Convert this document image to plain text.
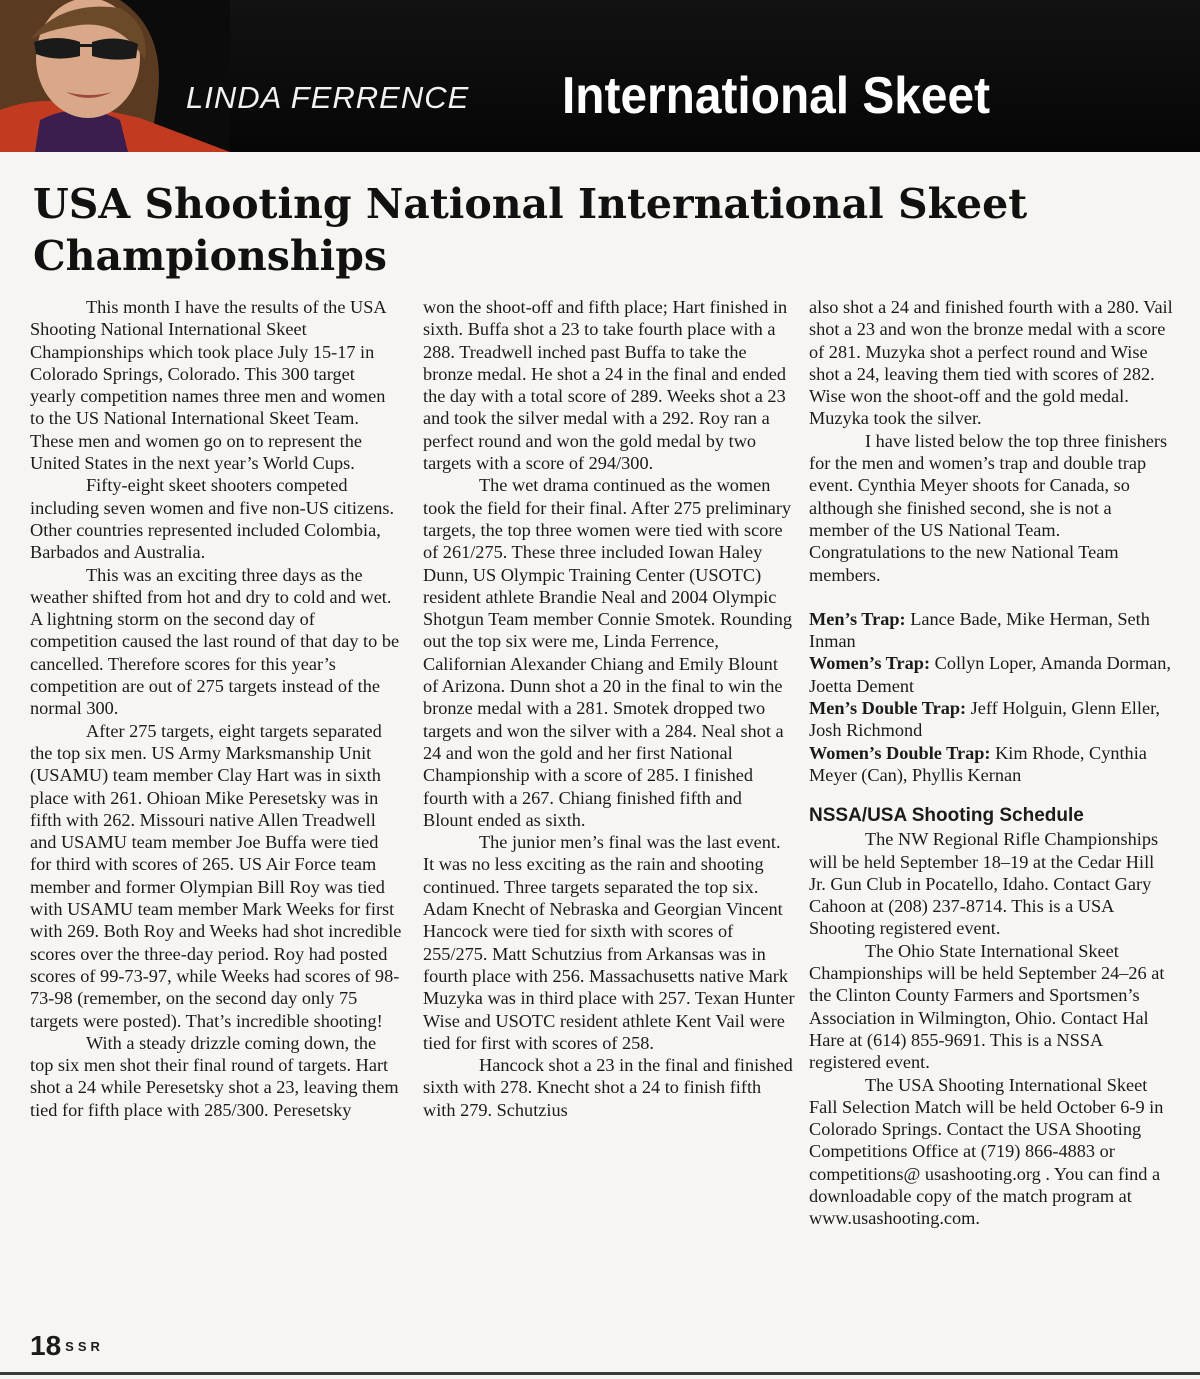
LINDA FERRENCE International Skeet
USA Shooting National International Skeet Championships

This month I have the results of the USA Shooting National International Skeet Championships which took place July 15-17 in Colorado Springs, Colorado. This 300 target yearly competition names three men and women to the US National International Skeet Team. These men and women go on to represent the United States in the next year’s World Cups.

Fifty-eight skeet shooters competed including seven women and five non-US citizens. Other countries represented included Colombia, Barbados and Australia.

This was an exciting three days as the weather shifted from hot and dry to cold and wet. A lightning storm on the second day of competition caused the last round of that day to be cancelled. Therefore scores for this year’s competition are out of 275 targets instead of the normal 300.

After 275 targets, eight targets separated the top six men. US Army Marksmanship Unit (USAMU) team member Clay Hart was in sixth place with 261. Ohioan Mike Peresetsky was in fifth with 262. Missouri native Allen Treadwell and USAMU team member Joe Buffa were tied for third with scores of 265. US Air Force team member and former Olympian Bill Roy was tied with USAMU team member Mark Weeks for first with 269. Both Roy and Weeks had shot incredible scores over the three-day period. Roy had posted scores of 99-73-97, while Weeks had scores of 98-73-98 (remember, on the second day only 75 targets were posted). That’s incredible shooting!

With a steady drizzle coming down, the top six men shot their final round of targets. Hart shot a 24 while Peresetsky shot a 23, leaving them tied for fifth place with 285/300. Peresetsky

won the shoot-off and fifth place; Hart finished in sixth. Buffa shot a 23 to take fourth place with a 288. Treadwell inched past Buffa to take the bronze medal. He shot a 24 in the final and ended the day with a total score of 289. Weeks shot a 23 and took the silver medal with a 292. Roy ran a perfect round and won the gold medal by two targets with a score of 294/300.

The wet drama continued as the women took the field for their final. After 275 preliminary targets, the top three women were tied with score of 261/275. These three included Iowan Haley Dunn, US Olympic Training Center (USOTC) resident athlete Brandie Neal and 2004 Olympic Shotgun Team member Connie Smotek. Rounding out the top six were me, Linda Ferrence, Californian Alexander Chiang and Emily Blount of Arizona. Dunn shot a 20 in the final to win the bronze medal with a 281. Smotek dropped two targets and won the silver with a 284. Neal shot a 24 and won the gold and her first National Championship with a score of 285. I finished fourth with a 267. Chiang finished fifth and Blount ended as sixth.

The junior men’s final was the last event. It was no less exciting as the rain and shooting continued. Three targets separated the top six. Adam Knecht of Nebraska and Georgian Vincent Hancock were tied for sixth with scores of 255/275. Matt Schutzius from Arkansas was in fourth place with 256. Massachusetts native Mark Muzyka was in third place with 257. Texan Hunter Wise and USOTC resident athlete Kent Vail were tied for first with scores of 258.

Hancock shot a 23 in the final and finished sixth with 278. Knecht shot a 24 to finish fifth with 279. Schutzius

also shot a 24 and finished fourth with a 280. Vail shot a 23 and won the bronze medal with a score of 281. Muzyka shot a perfect round and Wise shot a 24, leaving them tied with scores of 282. Wise won the shoot-off and the gold medal. Muzyka took the silver.

I have listed below the top three finishers for the men and women’s trap and double trap event. Cynthia Meyer shoots for Canada, so although she finished second, she is not a member of the US National Team. Congratulations to the new National Team members.

Men’s Trap: Lance Bade, Mike Herman, Seth Inman
Women’s Trap: Collyn Loper, Amanda Dorman, Joetta Dement
Men’s Double Trap: Jeff Holguin, Glenn Eller, Josh Richmond
Women’s Double Trap: Kim Rhode, Cynthia Meyer (Can), Phyllis Kernan

NSSA/USA Shooting Schedule

The NW Regional Rifle Championships will be held September 18–19 at the Cedar Hill Jr. Gun Club in Pocatello, Idaho. Contact Gary Cahoon at (208) 237-8714. This is a USA Shooting registered event.

The Ohio State International Skeet Championships will be held September 24–26 at the Clinton County Farmers and Sportsmen’s Association in Wilmington, Ohio. Contact Hal Hare at (614) 855-9691. This is a NSSA registered event.

The USA Shooting International Skeet Fall Selection Match will be held October 6-9 in Colorado Springs. Contact the USA Shooting Competitions Office at (719) 866-4883 or competitions@ usashooting.org . You can find a downloadable copy of the match program at www.usashooting.com.

18 $^{SSR}$
